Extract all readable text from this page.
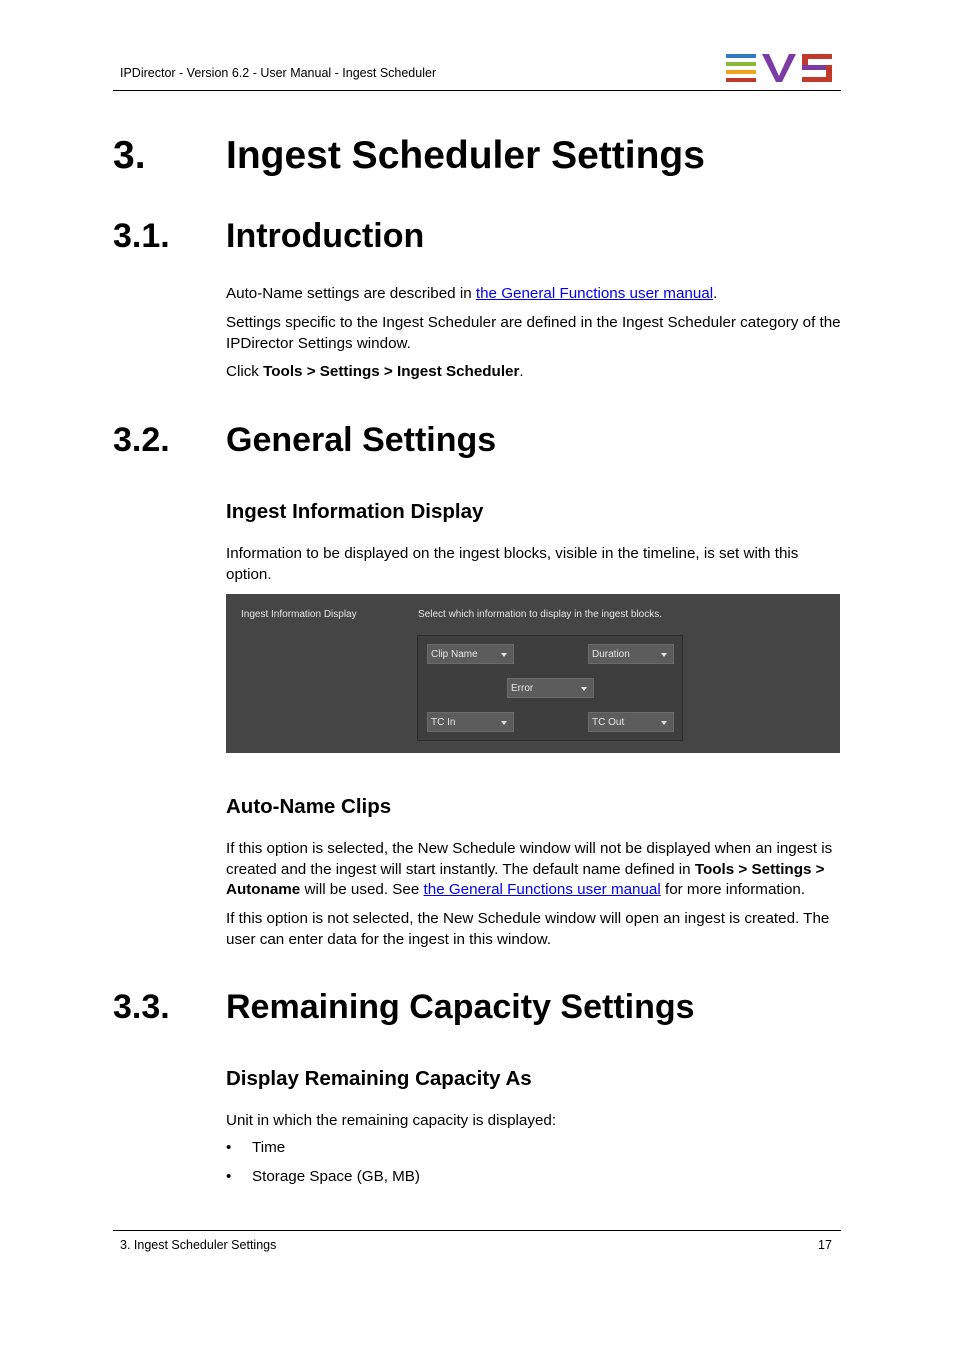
IPDirector - Version 6.2 - User Manual - Ingest Scheduler
3. Ingest Scheduler Settings
3.1. Introduction
Auto-Name settings are described in the General Functions user manual.
Settings specific to the Ingest Scheduler are defined in the Ingest Scheduler category of the IPDirector Settings window.
Click Tools > Settings > Ingest Scheduler.
3.2. General Settings
Ingest Information Display
Information to be displayed on the ingest blocks, visible in the timeline, is set with this option.
Ingest Information Display	Select which information to display in the ingest blocks.
Clip Name	Duration
Error
TC In	TC Out
Auto-Name Clips
If this option is selected, the New Schedule window will not be displayed when an ingest is created and the ingest will start instantly. The default name defined in Tools > Settings > Autoname will be used. See the General Functions user manual for more information.
If this option is not selected, the New Schedule window will open an ingest is created. The user can enter data for the ingest in this window.
3.3. Remaining Capacity Settings
Display Remaining Capacity As
Unit in which the remaining capacity is displayed:
• Time
• Storage Space (GB, MB)
3. Ingest Scheduler Settings	17
